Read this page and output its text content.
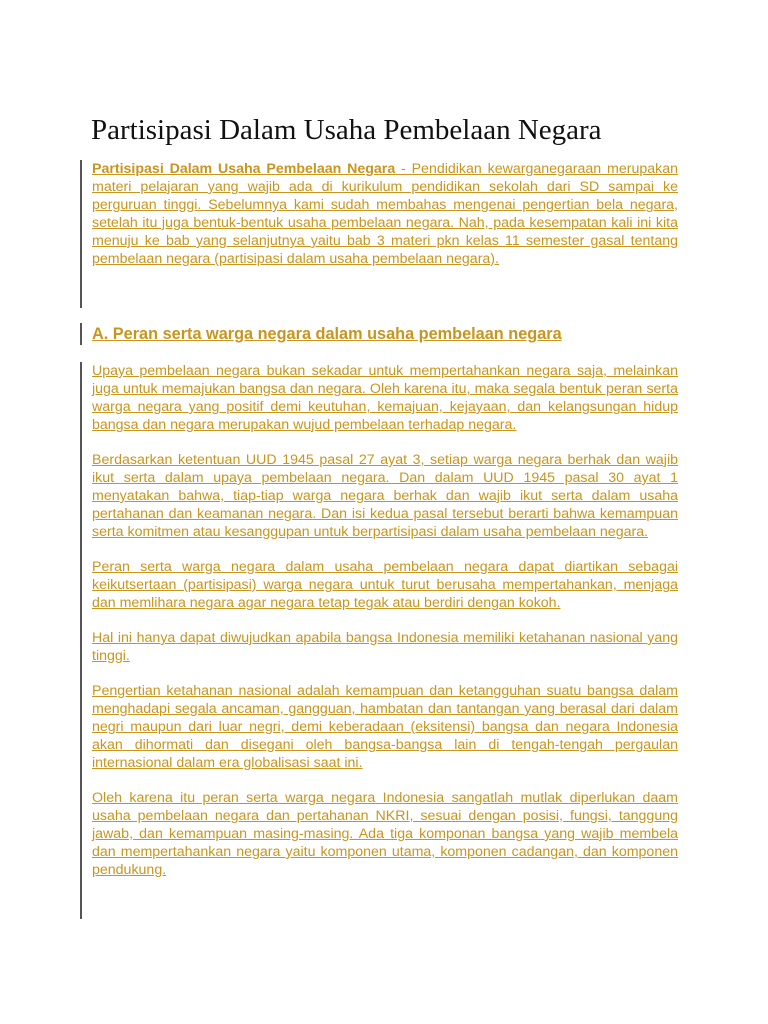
Partisipasi Dalam Usaha Pembelaan Negara

Partisipasi Dalam Usaha Pembelaan Negara - Pendidikan kewarganegaraan merupakan materi pelajaran yang wajib ada di kurikulum pendidikan sekolah dari SD sampai ke perguruan tinggi. Sebelumnya kami sudah membahas mengenai pengertian bela negara, setelah itu juga bentuk-bentuk usaha pembelaan negara. Nah, pada kesempatan kali ini kita menuju ke bab yang selanjutnya yaitu bab 3 materi pkn kelas 11 semester gasal tentang pembelaan negara (partisipasi dalam usaha pembelaan negara).

A. Peran serta warga negara dalam usaha pembelaan negara

Upaya pembelaan negara bukan sekadar untuk mempertahankan negara saja, melainkan juga untuk memajukan bangsa dan negara. Oleh karena itu, maka segala bentuk peran serta warga negara yang positif demi keutuhan, kemajuan, kejayaan, dan kelangsungan hidup bangsa dan negara merupakan wujud pembelaan terhadap negara.

Berdasarkan ketentuan UUD 1945 pasal 27 ayat 3, setiap warga negara berhak dan wajib ikut serta dalam upaya pembelaan negara. Dan dalam UUD 1945 pasal 30 ayat 1 menyatakan bahwa, tiap-tiap warga negara berhak dan wajib ikut serta dalam usaha pertahanan dan keamanan negara. Dan isi kedua pasal tersebut berarti bahwa kemampuan serta komitmen atau kesanggupan untuk berpartisipasi dalam usaha pembelaan negara.

Peran serta warga negara dalam usaha pembelaan negara dapat diartikan sebagai keikutsertaan (partisipasi) warga negara untuk turut berusaha mempertahankan, menjaga dan memlihara negara agar negara tetap tegak atau berdiri dengan kokoh.

Hal ini hanya dapat diwujudkan apabila bangsa Indonesia memiliki ketahanan nasional yang tinggi.

Pengertian ketahanan nasional adalah kemampuan dan ketangguhan suatu bangsa dalam menghadapi segala ancaman, gangguan, hambatan dan tantangan yang berasal dari dalam negri maupun dari luar negri, demi keberadaan (eksitensi) bangsa dan negara Indonesia akan dihormati dan disegani oleh bangsa-bangsa lain di tengah-tengah pergaulan internasional dalam era globalisasi saat ini.

Oleh karena itu peran serta warga negara Indonesia sangatlah mutlak diperlukan daam usaha pembelaan negara dan pertahanan NKRI, sesuai dengan posisi, fungsi, tanggung jawab, dan kemampuan masing-masing. Ada tiga komponan bangsa yang wajib membela dan mempertahankan negara yaitu komponen utama, komponen cadangan, dan komponen pendukung.
